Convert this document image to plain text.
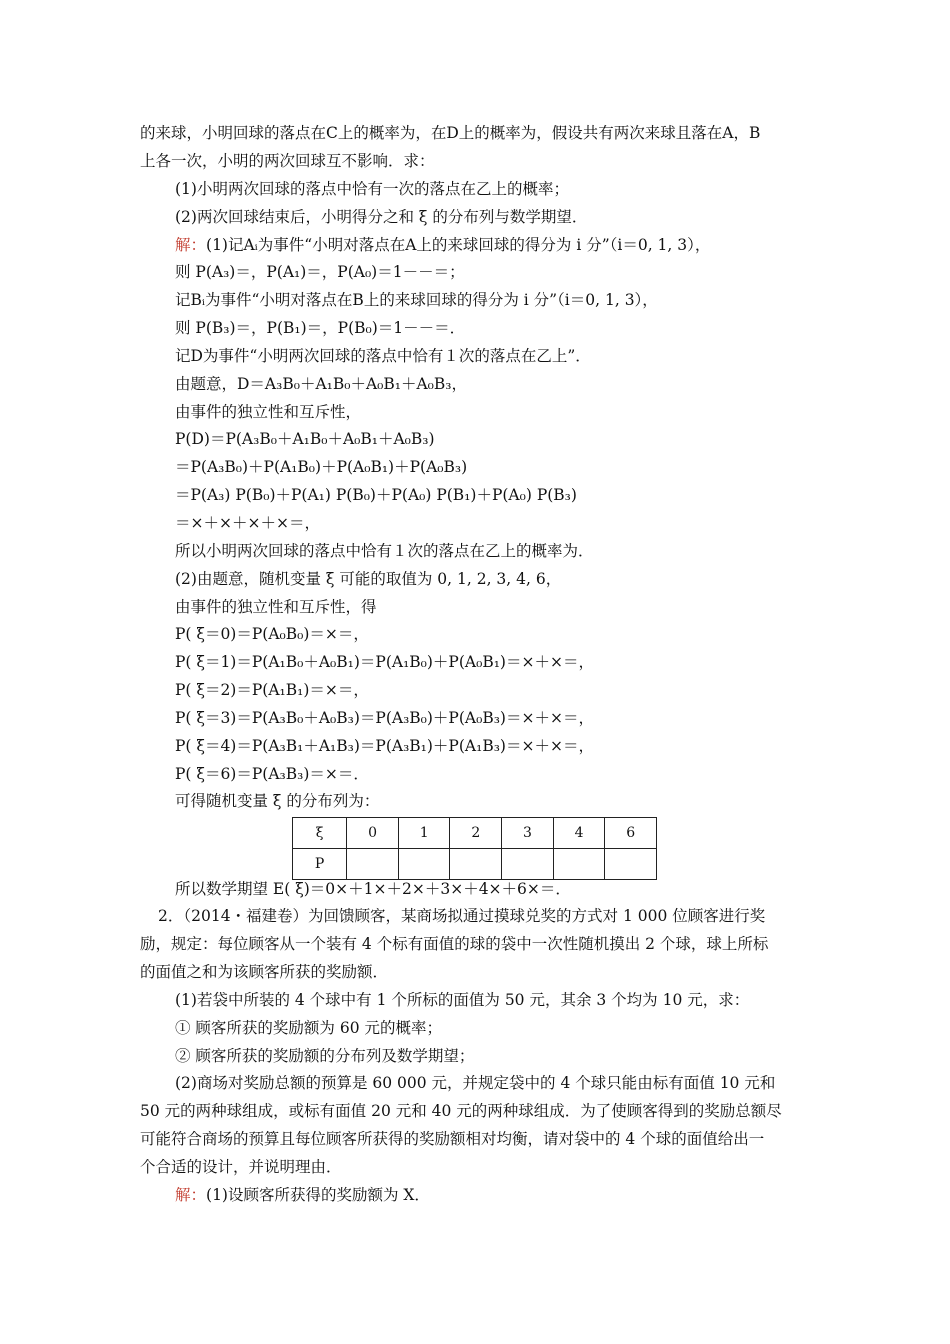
的来球，小明回球的落点在C上的概率为，在D上的概率为，假设共有两次来球且落在A，B
上各一次，小明的两次回球互不影响．求：
(1)小明两次回球的落点中恰有一次的落点在乙上的概率；
(2)两次回球结束后，小明得分之和 ξ 的分布列与数学期望．
解：(1)记Aᵢ为事件“小明对落点在A上的来球回球的得分为 i 分”（i＝0, 1, 3），
则 P(A₃)＝，P(A₁)＝，P(A₀)＝1－－＝；
记Bᵢ为事件“小明对落点在B上的来球回球的得分为 i 分”（i＝0, 1, 3），
则 P(B₃)＝，P(B₁)＝，P(B₀)＝1－－＝．
记D为事件“小明两次回球的落点中恰有１次的落点在乙上”．
由题意，D＝A₃B₀＋A₁B₀＋A₀B₁＋A₀B₃，
由事件的独立性和互斥性，
P(D)＝P(A₃B₀＋A₁B₀＋A₀B₁＋A₀B₃)
＝P(A₃B₀)＋P(A₁B₀)＋P(A₀B₁)＋P(A₀B₃)
＝P(A₃) P(B₀)＋P(A₁) P(B₀)＋P(A₀) P(B₁)＋P(A₀) P(B₃)
＝×＋×＋×＋×＝，
所以小明两次回球的落点中恰有１次的落点在乙上的概率为．
(2)由题意，随机变量 ξ 可能的取值为 0, 1, 2, 3, 4, 6，
由事件的独立性和互斥性，得
P( ξ＝0)＝P(A₀B₀)＝×＝，
P( ξ＝1)＝P(A₁B₀＋A₀B₁)＝P(A₁B₀)＋P(A₀B₁)＝×＋×＝，
P( ξ＝2)＝P(A₁B₁)＝×＝，
P( ξ＝3)＝P(A₃B₀＋A₀B₃)＝P(A₃B₀)＋P(A₀B₃)＝×＋×＝，
P( ξ＝4)＝P(A₃B₁＋A₁B₃)＝P(A₃B₁)＋P(A₁B₃)＝×＋×＝，
P( ξ＝6)＝P(A₃B₃)＝×＝．
可得随机变量 ξ 的分布列为：
ξ	0	1	2	3	4	6
P						
所以数学期望 E( ξ)＝0×＋1×＋2×＋3×＋4×＋6×＝．
2．（2014・福建卷）为回馈顾客，某商场拟通过摸球兑奖的方式对 1 000 位顾客进行奖
励，规定：每位顾客从一个装有 4 个标有面值的球的袋中一次性随机摸出 2 个球，球上所标
的面值之和为该顾客所获的奖励额．
(1)若袋中所装的 4 个球中有 1 个所标的面值为 50 元，其余 3 个均为 10 元，求：
① 顾客所获的奖励额为 60 元的概率；
② 顾客所获的奖励额的分布列及数学期望；
(2)商场对奖励总额的预算是 60 000 元，并规定袋中的 4 个球只能由标有面值 10 元和
50 元的两种球组成，或标有面值 20 元和 40 元的两种球组成．为了使顾客得到的奖励总额尽
可能符合商场的预算且每位顾客所获得的奖励额相对均衡，请对袋中的 4 个球的面值给出一
个合适的设计，并说明理由．
解：(1)设顾客所获得的奖励额为 X．
